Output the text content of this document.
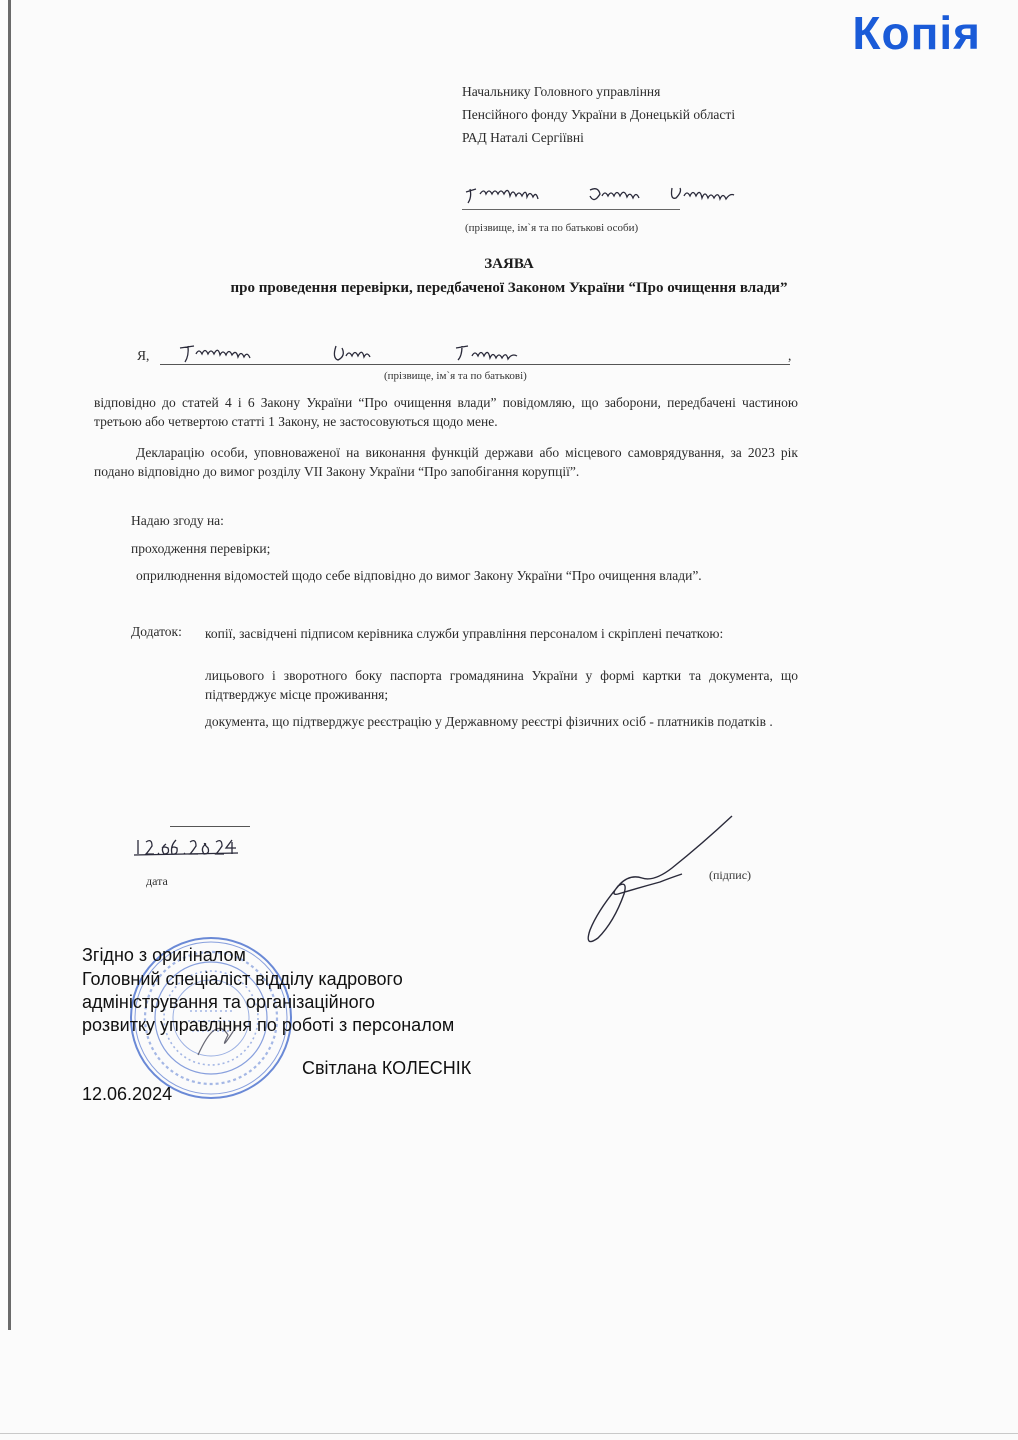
Копія
Начальнику Головного управління
Пенсійного фонду України в Донецькій області
РАД Наталі Сергіївні
(прізвище, ім`я та по батькові особи)
ЗАЯВА
про проведення перевірки, передбаченої Законом України “Про очищення влади”
Я,	,
(прізвище, ім`я та по батькові)
відповідно до статей 4 і 6 Закону України “Про очищення влади” повідомляю, що заборони, передбачені частиною третьою або четвертою статті 1 Закону, не застосовуються щодо мене.
Декларацію особи, уповноваженої на виконання функцій держави або місцевого самоврядування, за 2023 рік подано відповідно до вимог розділу VII Закону України “Про запобігання корупції”.
Надаю згоду на:
проходження перевірки;
оприлюднення відомостей щодо себе відповідно до вимог Закону України “Про очищення влади”.
Додаток: копії, засвідчені підписом керівника служби управління персоналом і скріплені печаткою:
лицьового і зворотного боку паспорта громадянина України у формі картки та документа, що підтверджує місце проживання;
документа, що підтверджує реєстрацію у Державному реєстрі фізичних осіб - платників податків .
дата	(підпис)
Згідно з оригіналом
Головний спеціаліст відділу кадрового
адміністрування та організаційного
розвитку управління по роботі з персоналом
Світлана КОЛЕСНІК
12.06.2024
